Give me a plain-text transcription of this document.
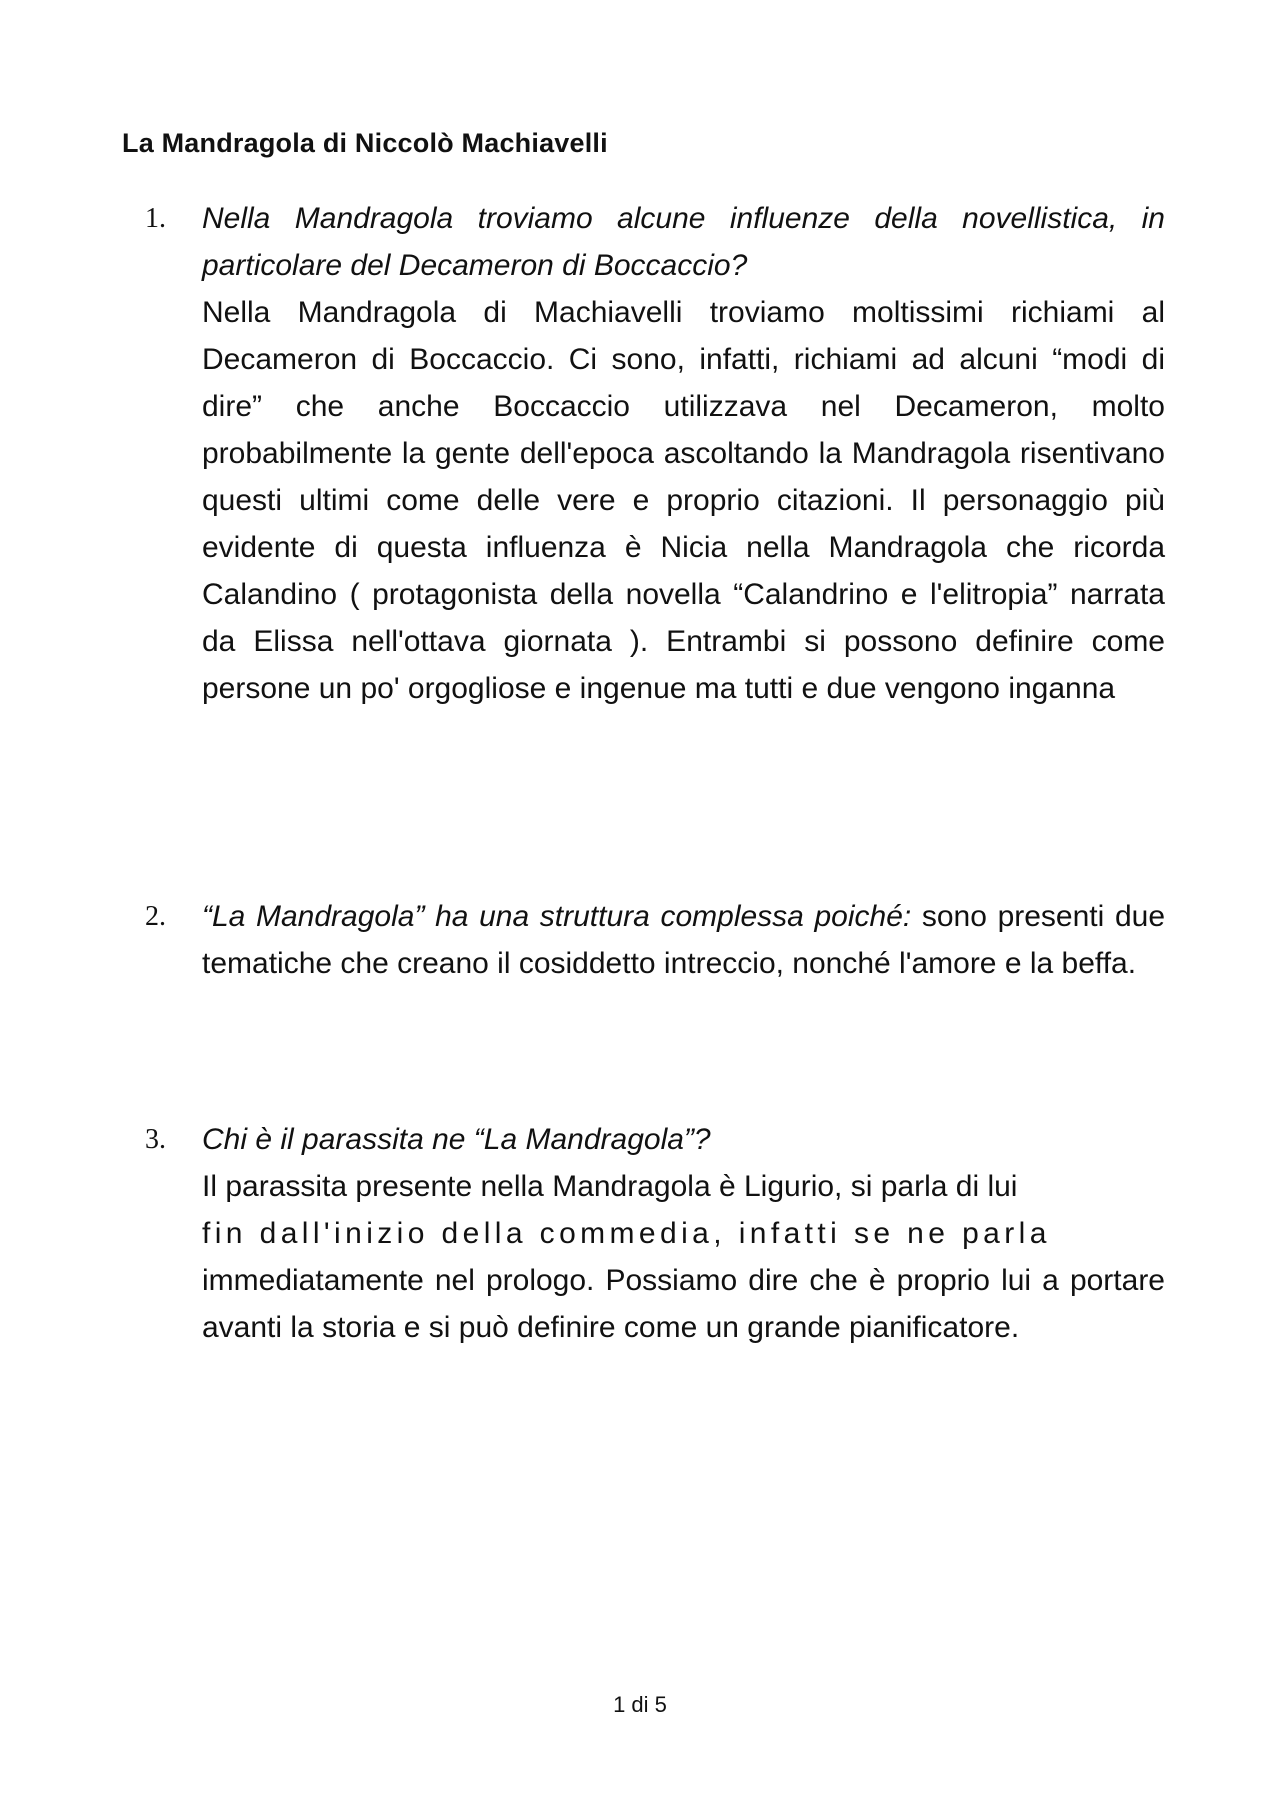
La Mandragola di Niccolò Machiavelli
1. Nella Mandragola troviamo alcune influenze della novellistica, in particolare del Decameron di Boccaccio?

Nella Mandragola di Machiavelli troviamo moltissimi richiami al Decameron di Boccaccio. Ci sono, infatti, richiami ad alcuni “modi di dire” che anche Boccaccio utilizzava nel Decameron, molto probabilmente la gente dell'epoca ascoltando la Mandragola risentivano questi ultimi come delle vere e proprio citazioni. Il personaggio più evidente di questa influenza è Nicia nella Mandragola che ricorda Calandino ( protagonista della novella “Calandrino e l'elitropia” narrata da Elissa nell'ottava giornata ). Entrambi si possono definire come persone un po' orgogliose e ingenue ma tutti e due vengono inganna

2. “La Mandragola” ha una struttura complessa poiché: sono presenti due tematiche che creano il cosiddetto intreccio, nonché l'amore e la beffa.

3. Chi è il parassita ne “La Mandragola”?

Il parassita presente nella Mandragola è Ligurio, si parla di lui

fin dall'inizio della commedia, infatti se ne parla

immediatamente nel prologo. Possiamo dire che è proprio lui a portare avanti la storia e si può definire come un grande pianificatore.

1 di 5
